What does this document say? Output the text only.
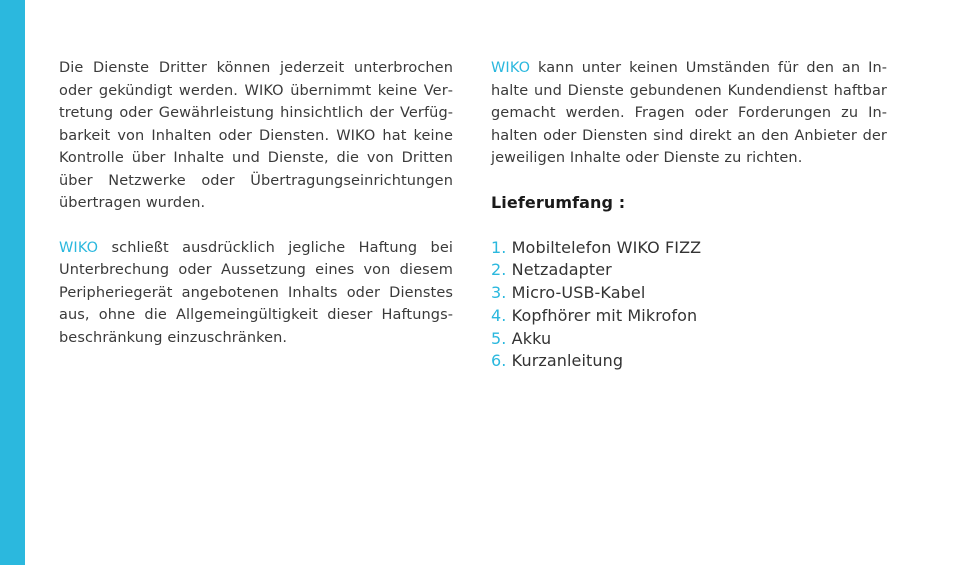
Die Dienste Dritter können jederzeit unterbrochen oder gekündigt werden. WIKO übernimmt keine Vertretung oder Gewährleistung hinsichtlich der Verfügbarkeit von Inhalten oder Diensten. WIKO hat keine Kontrolle über Inhalte und Dienste, die von Dritten über Netzwerke oder Übertragungseinrichtungen übertragen wurden.

WIKO schließt ausdrücklich jegliche Haftung bei Unterbrechung oder Aussetzung eines von diesem Peripheriegerät angebotenen Inhalts oder Dienstes aus, ohne die Allgemeingültigkeit dieser Haftungsbeschränkung einzuschränken.

WIKO kann unter keinen Umständen für den an Inhalte und Dienste gebundenen Kundendienst haftbar gemacht werden. Fragen oder Forderungen zu Inhalten oder Diensten sind direkt an den Anbieter der jeweiligen Inhalte oder Dienste zu richten.

Lieferumfang :
1. Mobiltelefon WIKO FIZZ
2. Netzadapter
3. Micro-USB-Kabel
4. Kopfhörer mit Mikrofon
5. Akku
6. Kurzanleitung
